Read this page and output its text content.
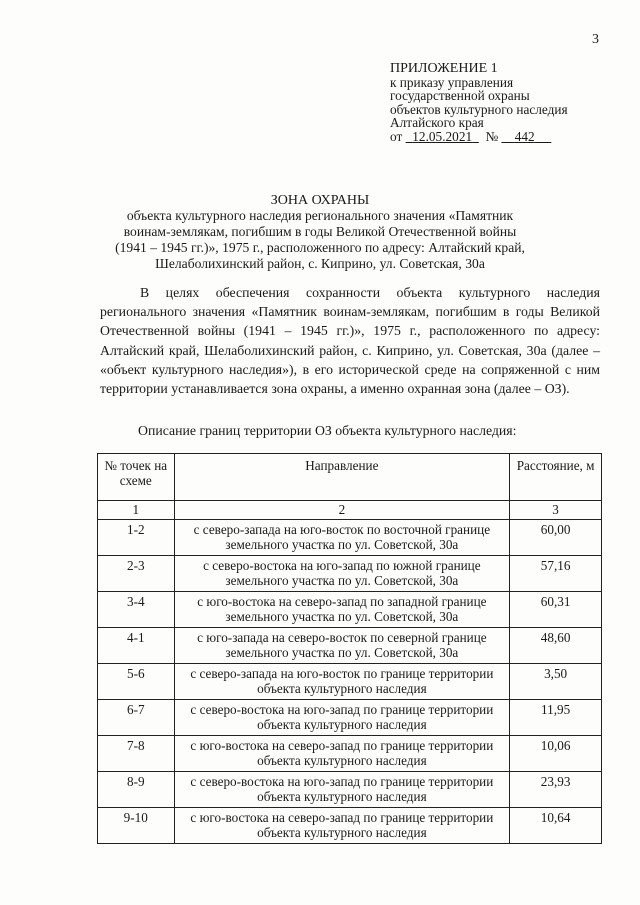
3
ПРИЛОЖЕНИЕ 1
к приказу управления
государственной охраны
объектов культурного наследия
Алтайского края
от 12.05.2021 № 442
ЗОНА ОХРАНЫ
объекта культурного наследия регионального значения «Памятник воинам-землякам, погибшим в годы Великой Отечественной войны (1941 – 1945 гг.)», 1975 г., расположенного по адресу: Алтайский край, Шелаболихинский район, с. Киприно, ул. Советская, 30а
В целях обеспечения сохранности объекта культурного наследия регионального значения «Памятник воинам-землякам, погибшим в годы Великой Отечественной войны (1941 – 1945 гг.)», 1975 г., расположенного по адресу: Алтайский край, Шелаболихинский район, с. Киприно, ул. Советская, 30а (далее – «объект культурного наследия»), в его исторической среде на сопряженной с ним территории устанавливается зона охраны, а именно охранная зона (далее – ОЗ).
Описание границ территории ОЗ объекта культурного наследия:
№ точек на схеме	Направление	Расстояние, м
1	2	3
1-2	с северо-запада на юго-восток по восточной границе земельного участка по ул. Советской, 30а	60,00
2-3	с северо-востока на юго-запад по южной границе земельного участка по ул. Советской, 30а	57,16
3-4	с юго-востока на северо-запад по западной границе земельного участка по ул. Советской, 30а	60,31
4-1	с юго-запада на северо-восток по северной границе земельного участка по ул. Советской, 30а	48,60
5-6	с северо-запада на юго-восток по границе территории объекта культурного наследия	3,50
6-7	с северо-востока на юго-запад по границе территории объекта культурного наследия	11,95
7-8	с юго-востока на северо-запад по границе территории объекта культурного наследия	10,06
8-9	с северо-востока на юго-запад по границе территории объекта культурного наследия	23,93
9-10	с юго-востока на северо-запад по границе территории объекта культурного наследия	10,64
